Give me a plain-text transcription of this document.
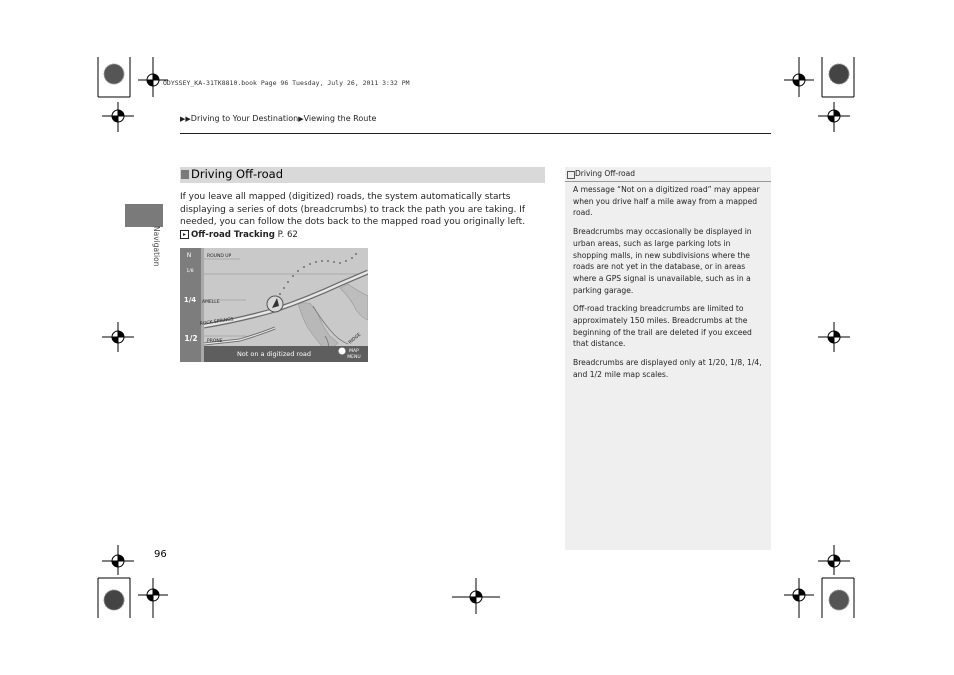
ODYSSEY_KA-31TK8810.book Page 96 Tuesday, July 26, 2011 3:32 PM
▶▶Driving to Your Destination▶Viewing the Route
Navigation
Driving Off-road

If you leave all mapped (digitized) roads, the system automatically starts displaying a series of dots (breadcrumbs) to track the path you are taking. If needed, you can follow the dots back to the mapped road you originally left.

▸ Off-road Tracking P. 62
N
1/8
1/4
1/2
ROUND UP
AMELLE
ROCK SPRINGS
PRONE	RIDGE
Not on a digitized road	MAP
MENU
Driving Off-road

A message “Not on a digitized road” may appear when you drive half a mile away from a mapped road.

Breadcrumbs may occasionally be displayed in urban areas, such as large parking lots in shopping malls, in new subdivisions where the roads are not yet in the database, or in areas where a GPS signal is unavailable, such as in a parking garage.

Off-road tracking breadcrumbs are limited to approximately 150 miles. Breadcrumbs at the beginning of the trail are deleted if you exceed that distance.

Breadcrumbs are displayed only at 1/20, 1/8, 1/4, and 1/2 mile map scales.

96
